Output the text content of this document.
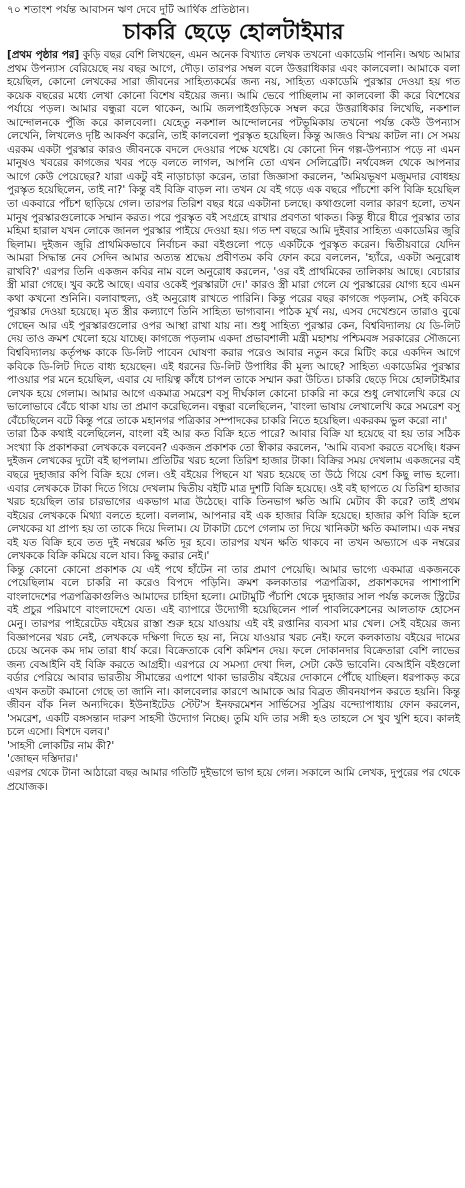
৭০ শতাংশ পর্যন্ত আবাসন ঋণ দেবে দুটি আর্থিক প্রতিষ্ঠান।
চাকরি ছেড়ে হোলটাইমার

[প্রথম পৃষ্ঠার পর] কুড়ি বছর বেশি লিখছেন, এমন অনেক বিখ্যাত লেখক তখনো একাডেমি পাননি। অথচ আমার প্রথম উপন্যাস বেরিয়েছে নয় বছর আগে, দৌড়। তারপর সম্বল বলে উত্তরাধিকার এবং কালবেলা। আমাকে বলা হয়েছিল, কোনো লেখকের সারা জীবনের সাহিত্যকর্মের জন্য নয়, সাহিত্য একাডেমি পুরস্কার দেওয়া হয় গত কয়েক বছরের মধ্যে লেখা কোনো বিশেষ বইয়ের জন্য। আমি ভেবে পাচ্ছিলাম না কালবেলা কী করে বিশেষের পর্যায়ে পড়ল। আমার বন্ধুরা বলে থাকেন, আমি জলপাইগুড়িকে সম্বল করে উত্তরাধিকার লিখেছি, নকশাল আন্দোলনকে পুঁজি করে কালবেলা। যেহেতু নকশাল আন্দোলনের পটভূমিকায় তখনো পর্যন্ত কেউ উপন্যাস লেখেনি, লিখলেও দৃষ্টি আকর্ষণ করেনি, তাই কালবেলা পুরস্কৃত হয়েছিল। কিন্তু আজও বিস্ময় কাটল না। সে সময় এরকম একটা পুরস্কার কারও জীবনকে বদলে দেওয়ার পক্ষে যথেষ্ট। যে কোনো দিন গল্প-উপন্যাস পড়ে না এমন মানুষও খবরের কাগজের খবর পড়ে বলতে লাগল, আপনি তো এখন সেলিব্রেটি। নর্থবেঙ্গল থেকে আপনার আগে কেউ পেয়েছের? যারা একটু বই নাড়াচাড়া করেন, তারা জিজ্ঞাসা করলেন, 'অমিয়ভূষণ মজুমদার বোধহয় পুরস্কৃত হয়েছিলেন, তাই না?' কিন্তু বই বিক্রি বাড়ল না। তখন যে বই গড়ে এক বছরে পাঁচশো কপি বিক্রি হয়েছিল তা একবারে পাঁচশ ছাড়িয়ে গেল। তারপর তিরিশ বছর ধরে একটানা চলছে। কথাগুলো বলার কারণ হলো, তখন মানুষ পুরস্কারগুলোকে সম্মান করত। পরে পুরস্কৃত বই সংগ্রহে রাখার প্রবণতা থাকত। কিন্তু ধীরে ধীরে পুরস্কার তার মহিমা হারাল যখন লোকে জানল পুরস্কার পাইয়ে দেওয়া হয়। গত দশ বছরে আমি দুইবার সাহিত্য একাডেমির জুরি ছিলাম। দুইজন জুরি প্রাথমিকভাবে নির্বাচন করা বইগুলো পড়ে একটিকে পুরস্কৃত করেন। দ্বিতীয়বারে যেদিন আমরা সিদ্ধান্ত নেব সেদিন আমার অত্যন্ত শ্রদ্ধেয় প্রবীণতম কবি ফোন করে বললেন, 'হ্যাঁরে, একটা অনুরোধ রাখবি?' এরপর তিনি একজন কবির নাম বলে অনুরোধ করলেন, 'ওর বই প্রাথমিকের তালিকায় আছে। বেচারার স্ত্রী মারা গেছে। খুব কষ্টে আছে। এবার ওকেই পুরস্কারটা দে।' কারও স্ত্রী মারা গেলে যে পুরস্কারের যোগ্য হবে এমন কথা কখনো শুনিনি। বলাবাহুল্য, ওই অনুরোধ রাখতে পারিনি। কিন্তু পরের বছর কাগজে পড়লাম, সেই কবিকে পুরস্কার দেওয়া হয়েছে। মৃত স্ত্রীর কল্যাণে তিনি সাহিত্য ভাগ্যবান। পাঠক মূর্খ নয়, এসব দেখেশুনে তারাও বুঝে গেছেন আর এই পুরস্কারগুলোর ওপর আস্থা রাখা যায় না। শুধু সাহিত্য পুরস্কার কেন, বিশ্ববিদ্যালয় যে ডি-লিট দেয় তাও ক্রমশ খেলো হয়ে যাচ্ছে। কাগজে পড়লাম একদা প্রভাবশালী মন্ত্রী মহাশয় পশ্চিমবঙ্গ সরকারের সৌজন্যে বিশ্ববিদ্যালয় কর্তৃপক্ষ কাকে ডি-লিট পাবেন ঘোষণা করার পরেও আবার নতুন করে মিটিং করে একদিন আগে কবিকে ডি-লিট দিতে বাধ্য হয়েছেন। এই ধরনের ডি-লিট উপাধির কী মূল্য আছে? সাহিত্য একাডেমির পুরস্কার পাওয়ার পর মনে হয়েছিল, এবার যে দায়িত্ব কাঁধে চাপল তাকে সম্মান করা উচিত। চাকরি ছেড়ে দিয়ে হোলটাইমার লেখক হয়ে গেলাম। আমার আগে একমাত্র সমরেশ বসু দীর্ঘকাল কোনো চাকরি না করে শুধু লেখালেখি করে যে ভালোভাবে বেঁচে থাকা যায় তা প্রমাণ করেছিলেন। বন্ধুরা বলেছিলেন, 'বাংলা ভাষায় লেখালেখি করে সমরেশ বসু বেঁচেছিলেন বটে কিন্তু পরে তাকে মহানগর পত্রিকার সম্পাদকের চাকরি নিতে হয়েছিল। একরকম ভুল করো না।'

তারা ঠিক কথাই বলেছিলেন, বাংলা বই আর কত বিক্রি হতে পারে? আবার বিক্রি যা হয়েছে বা হয় তার সঠিক সংখ্যা কি প্রকাশকরা লেখককে বলবেন? একজন প্রকাশক তো স্বীকার করলেন, 'আমি ব্যবসা করতে বসেছি। ধরুন দুইজন লেখকের দুটো বই ছাপলাম। প্রতিটির খরচ হলো তিরিশ হাজার টাকা। বিক্রির সময় দেখলাম একজনের বই বছরে দুহাজার কপি বিক্রি হয়ে গেল। ওই বইয়ের পিছনে যা খরচ হয়েছে তা উঠে গিয়ে বেশ কিছু লাভ হলো। এবার লেখককে টাকা দিতে গিয়ে দেখলাম দ্বিতীয় বইটি মাত্র দুশটি বিক্রি হয়েছে। ওই বই ছাপতে যে তিরিশ হাজার খরচ হয়েছিল তার চারভাগের একভাগ মাত্র উঠেছে। বাকি তিনভাগ ক্ষতি আমি মেটাব কী করে? তাই প্রথম বইয়ের লেখককে মিথ্যা বলতে হলো। বললাম, আপনার বই এক হাজার বিক্রি হয়েছে। হাজার কপি বিক্রি হলে লেখকের যা প্রাপ্য হয় তা তাকে দিয়ে দিলাম। যে টাকাটা চেপে গেলাম তা দিয়ে খানিকটা ক্ষতি কমালাম। এক নম্বর বই যত বিক্রি হবে তত দুই নম্বরের ক্ষতি দূর হবে। তারপর যখন ক্ষতি থাকবে না তখন অভ্যাসে এক নম্বরের লেখককে বিক্রি কমিয়ে বলে যাব। কিছু করার নেই।'

কিন্তু কোনো কোনো প্রকাশক যে এই পথে হাঁটেন না তার প্রমাণ পেয়েছি। আমার ভাগ্যে একমাত্র একজনকে পেয়েছিলাম বলে চাকরি না করেও বিপদে পড়িনি। ক্রমশ কলকাতার পত্রপত্রিকা, প্রকাশকদের পাশাপাশি বাংলাদেশের পত্রপত্রিকাগুলিও আমাদের চাহিদা হলো। মোটামুটি পঁচাশি থেকে দুহাজার সাল পর্যন্ত কলেজ স্ট্রিটের বই প্রচুর পরিমাণে বাংলাদেশে যেত। এই ব্যাপারে উদ্যোগী হয়েছিলেন পার্ল পাবলিকেশনের আলতাফ হোসেন মেনু। তারপর পাইরেটেড বইয়ের রাস্তা শুরু হয়ে যাওয়ায় এই বই রপ্তানির ব্যবসা মার খেল। সেই বইয়ের জন্য বিজ্ঞাপনের খরচ নেই, লেখককে দক্ষিণা দিতে হয় না, নিয়ে যাওয়ার খরচ নেই। ফলে কলকাতায় বইয়ের দামের চেয়ে অনেক কম দাম তারা ধার্য করে। বিক্রেতাকে বেশি কমিশন দেয়। ফলে দোকানদার বিক্রেতারা বেশি লাভের জন্য বেআইনি বই বিক্রি করতে আগ্রহী। এরপরে যে সমস্যা দেখা দিল, সেটা কেউ ভাবেনি। বেআইনি বইগুলো বর্ডার পেরিয়ে আবার ভারতীয় সীমান্তের এপাশে থাকা ভারতীয় বইয়ের দোকানে পৌঁছে যাচ্ছিল। ধরপাকড় করে এখন কতটা কমানো গেছে তা জানি না। কালবেলার কারণে আমাকে আর বিব্রত জীবনযাপন করতে হয়নি। কিন্তু জীবন বাঁক নিল অন্যদিকে। ইউনাইটেড স্টেট'স ইনফরমেশন সার্ভিসের সুব্রিয় বন্দ্যোপাধ্যায় ফোন করলেন, 'সমরেশ, একটি বঙ্গসন্তান দারুণ সাহসী উদ্যোগ নিচ্ছে। তুমি যদি তার সঙ্গী হও তাহলে সে খুব খুশি হবে। কালই চলে এসো। বিশদে বলব।'

'সাহসী লোকটির নাম কী?'
'জোছন দস্তিদার।'

এরপর থেকে টানা আঠারো বছর আমার গতিটি দুইভাগে ভাগ হয়ে গেল। সকালে আমি লেখক, দুপুরের পর থেকে প্রযোজক।
